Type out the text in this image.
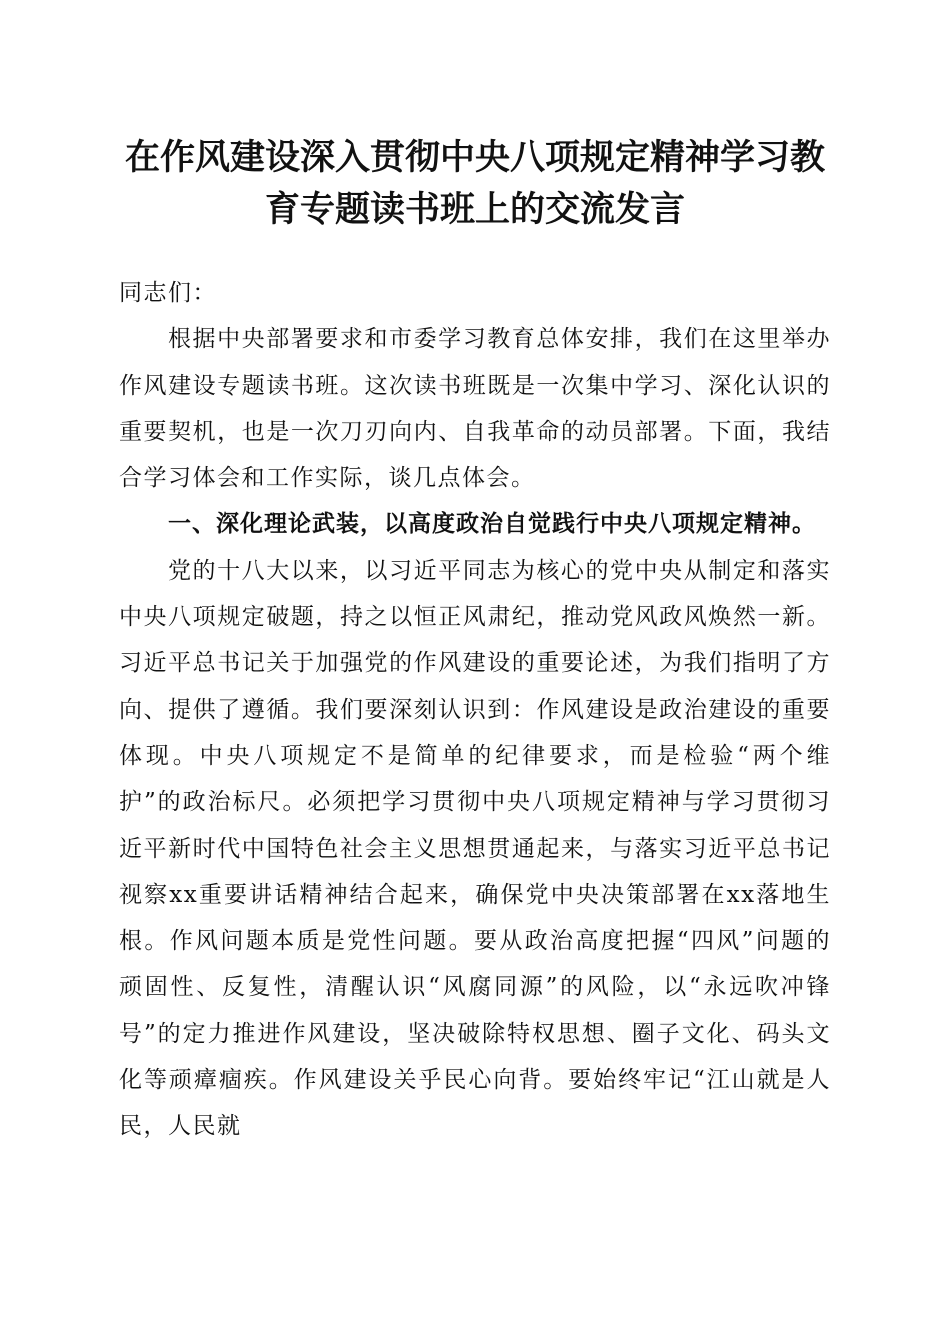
在作风建设深入贯彻中央八项规定精神学习教
育专题读书班上的交流发言

同志们：

根据中央部署要求和市委学习教育总体安排，我们在这里举办作风建设专题读书班。这次读书班既是一次集中学习、深化认识的重要契机，也是一次刀刃向内、自我革命的动员部署。下面，我结合学习体会和工作实际，谈几点体会。

一、深化理论武装，以高度政治自觉践行中央八项规定精神。

党的十八大以来，以习近平同志为核心的党中央从制定和落实中央八项规定破题，持之以恒正风肃纪，推动党风政风焕然一新。习近平总书记关于加强党的作风建设的重要论述，为我们指明了方向、提供了遵循。我们要深刻认识到：作风建设是政治建设的重要体现。中央八项规定不是简单的纪律要求，而是检验“两个维护”的政治标尺。必须把学习贯彻中央八项规定精神与学习贯彻习近平新时代中国特色社会主义思想贯通起来，与落实习近平总书记视察xx重要讲话精神结合起来，确保党中央决策部署在xx落地生根。作风问题本质是党性问题。要从政治高度把握“四风”问题的顽固性、反复性，清醒认识“风腐同源”的风险，以“永远吹冲锋号”的定力推进作风建设，坚决破除特权思想、圈子文化、码头文化等顽瘴痼疾。作风建设关乎民心向背。要始终牢记“江山就是人民，人民就
